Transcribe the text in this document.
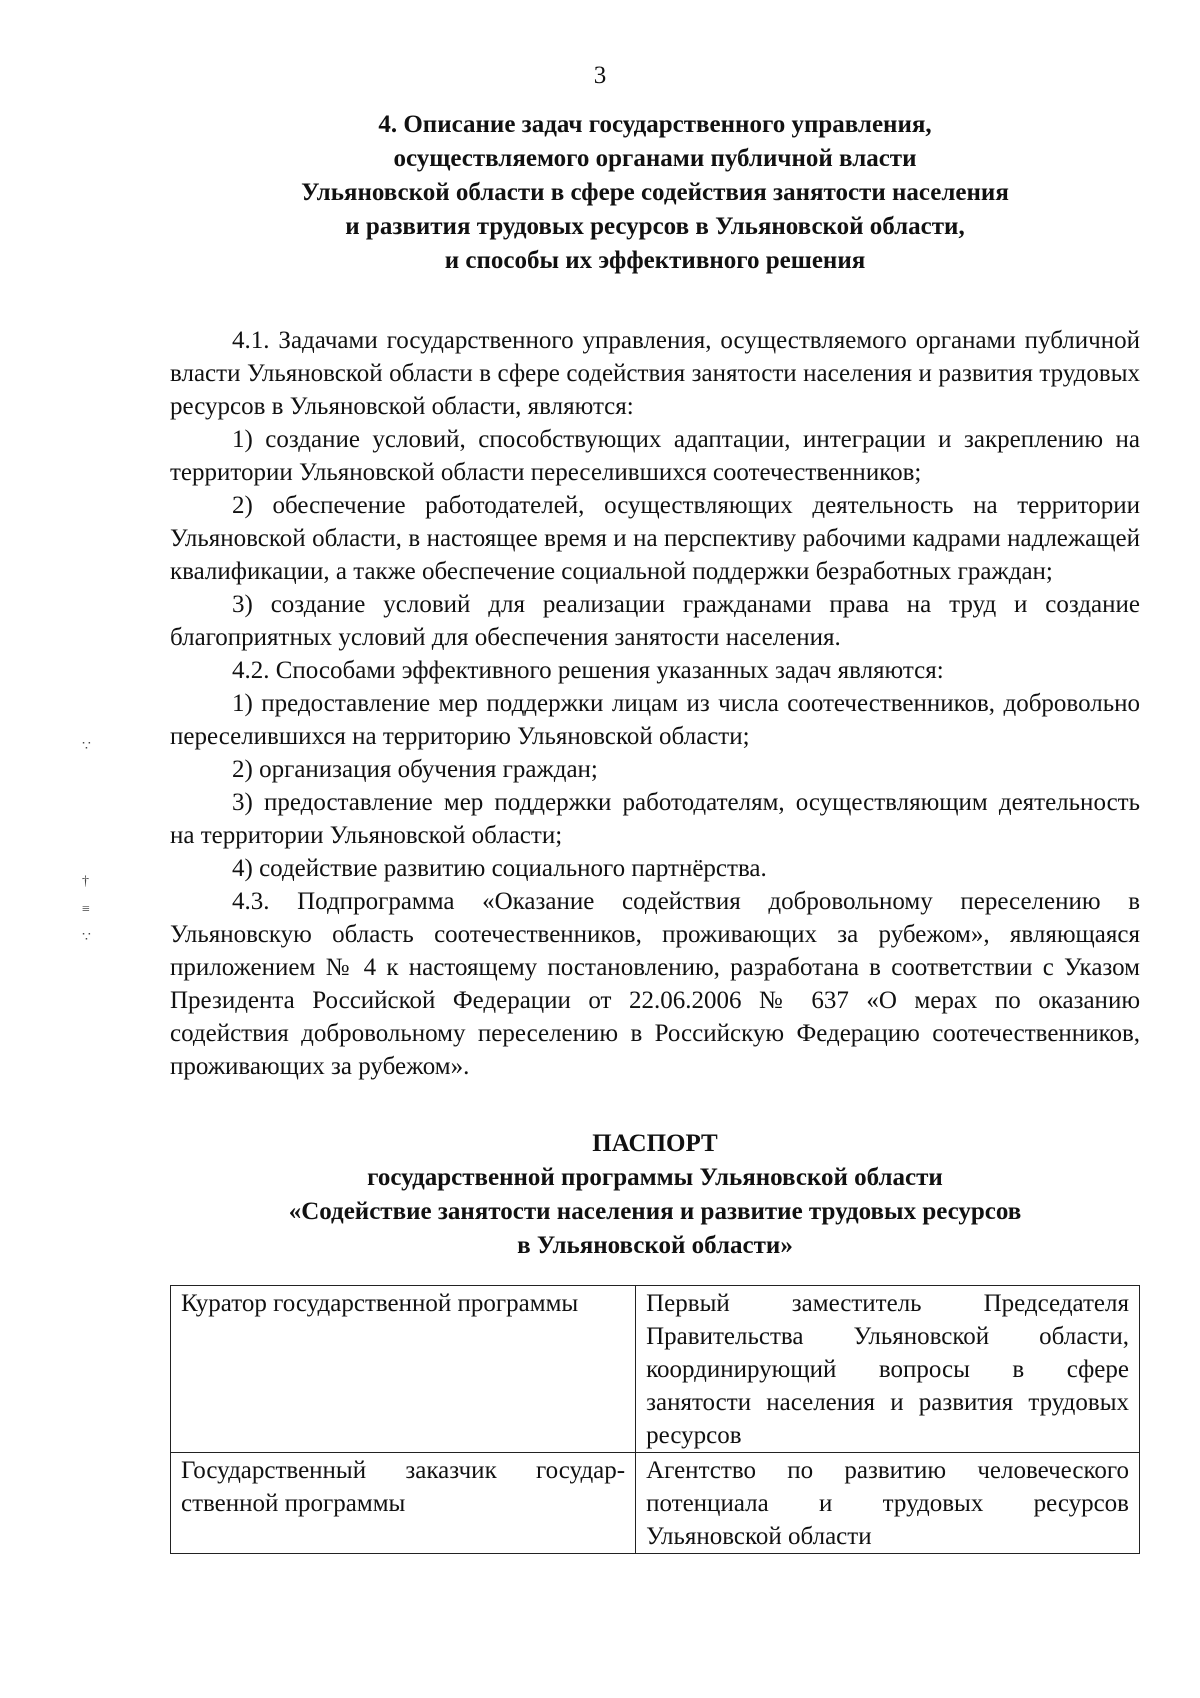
3
∵
†

≡

∵
4. Описание задач государственного управления,
осуществляемого органами публичной власти
Ульяновской области в сфере содействия занятости населения
и развития трудовых ресурсов в Ульяновской области,
и способы их эффективного решения

4.1. Задачами государственного управления, осуществляемого органами публичной власти Ульяновской области в сфере содействия занятости населения и развития трудовых ресурсов в Ульяновской области, являются:

1) создание условий, способствующих адаптации, интеграции и закреплению на территории Ульяновской области переселившихся соотечественников;

2) обеспечение работодателей, осуществляющих деятельность на территории Ульяновской области, в настоящее время и на перспективу рабочими кадрами надлежащей квалификации, а также обеспечение социальной поддержки безработных граждан;

3) создание условий для реализации гражданами права на труд и создание благоприятных условий для обеспечения занятости населения.

4.2. Способами эффективного решения указанных задач являются:

1) предоставление мер поддержки лицам из числа соотечественников, добровольно переселившихся на территорию Ульяновской области;

2) организация обучения граждан;

3) предоставление мер поддержки работодателям, осуществляющим деятельность на территории Ульяновской области;

4) содействие развитию социального партнёрства.

4.3. Подпрограмма «Оказание содействия добровольному переселению в Ульяновскую область соотечественников, проживающих за рубежом», являющаяся приложением № 4 к настоящему постановлению, разработана в соответствии с Указом Президента Российской Федерации от 22.06.2006 № 637 «О мерах по оказанию содействия добровольному переселению в Российскую Федерацию соотечественников, проживающих за рубежом».

ПАСПОРТ
государственной программы Ульяновской области
«Содействие занятости населения и развитие трудовых ресурсов
в Ульяновской области»
Куратор государственной программы	Первый заместитель Председателя Правительства Ульяновской области, координирующий вопросы в сфере занятости населения и развития трудовых ресурсов
Государственный заказчик государственной программы	Агентство по развитию человеческого потенциала и трудовых ресурсов Ульяновской области
